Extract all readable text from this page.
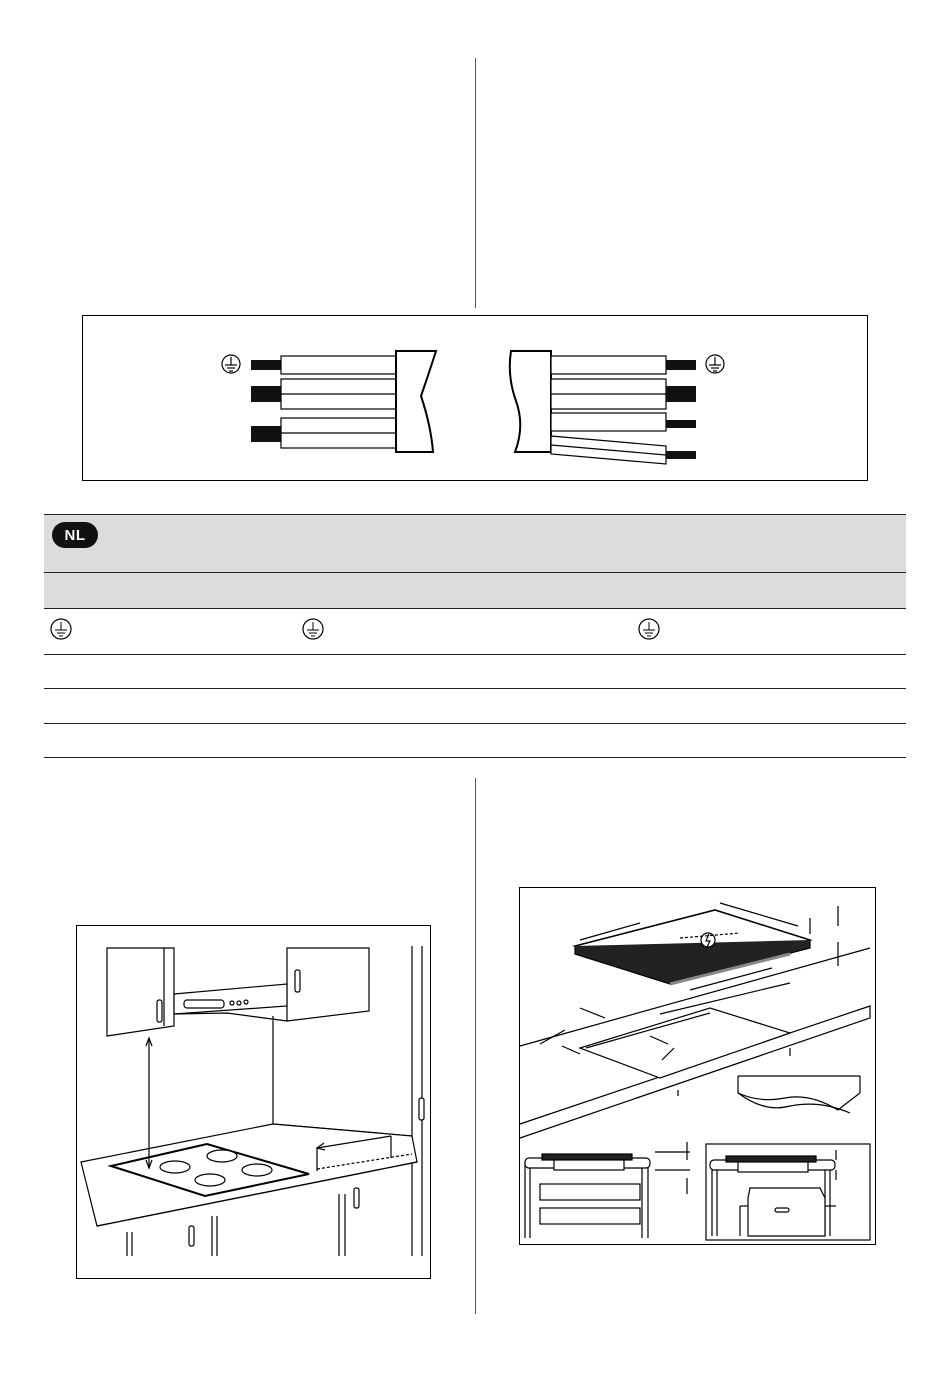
NL
